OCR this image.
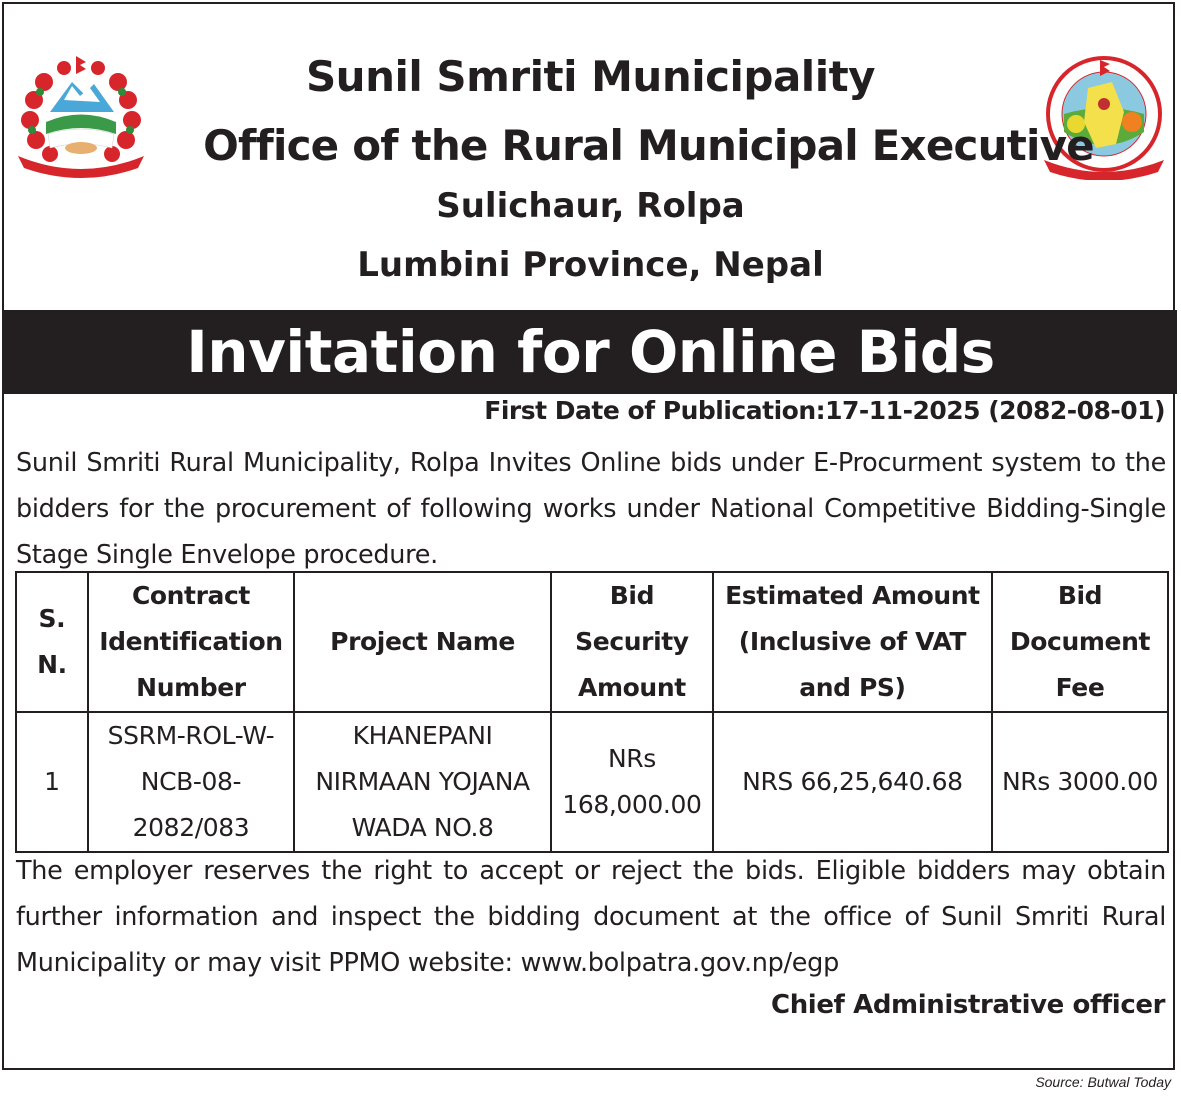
Sunil Smriti Municipality
Office of the Rural Municipal Executive
Sulichaur, Rolpa
Lumbini Province, Nepal
Invitation for Online Bids
First Date of Publication:17-11-2025 (2082-08-01)
Sunil Smriti Rural Municipality, Rolpa Invites Online bids under E-Procurment system to the bidders for the procurement of following works under National Competitive Bidding-Single Stage Single Envelope procedure.
S. N.	Contract Identification Number	Project Name	Bid Security Amount	Estimated Amount (Inclusive of VAT and PS)	Bid Document Fee
1	SSRM-ROL-W-NCB-08-2082/083	KHANEPANI NIRMAAN YOJANA WADA NO.8	NRs 168,000.00	NRS 66,25,640.68	NRs 3000.00
The employer reserves the right to accept or reject the bids. Eligible bidders may obtain further information and inspect the bidding document at the office of Sunil Smriti Rural Municipality or may visit PPMO website: www.bolpatra.gov.np/egp
Chief Administrative officer
Source: Butwal Today
